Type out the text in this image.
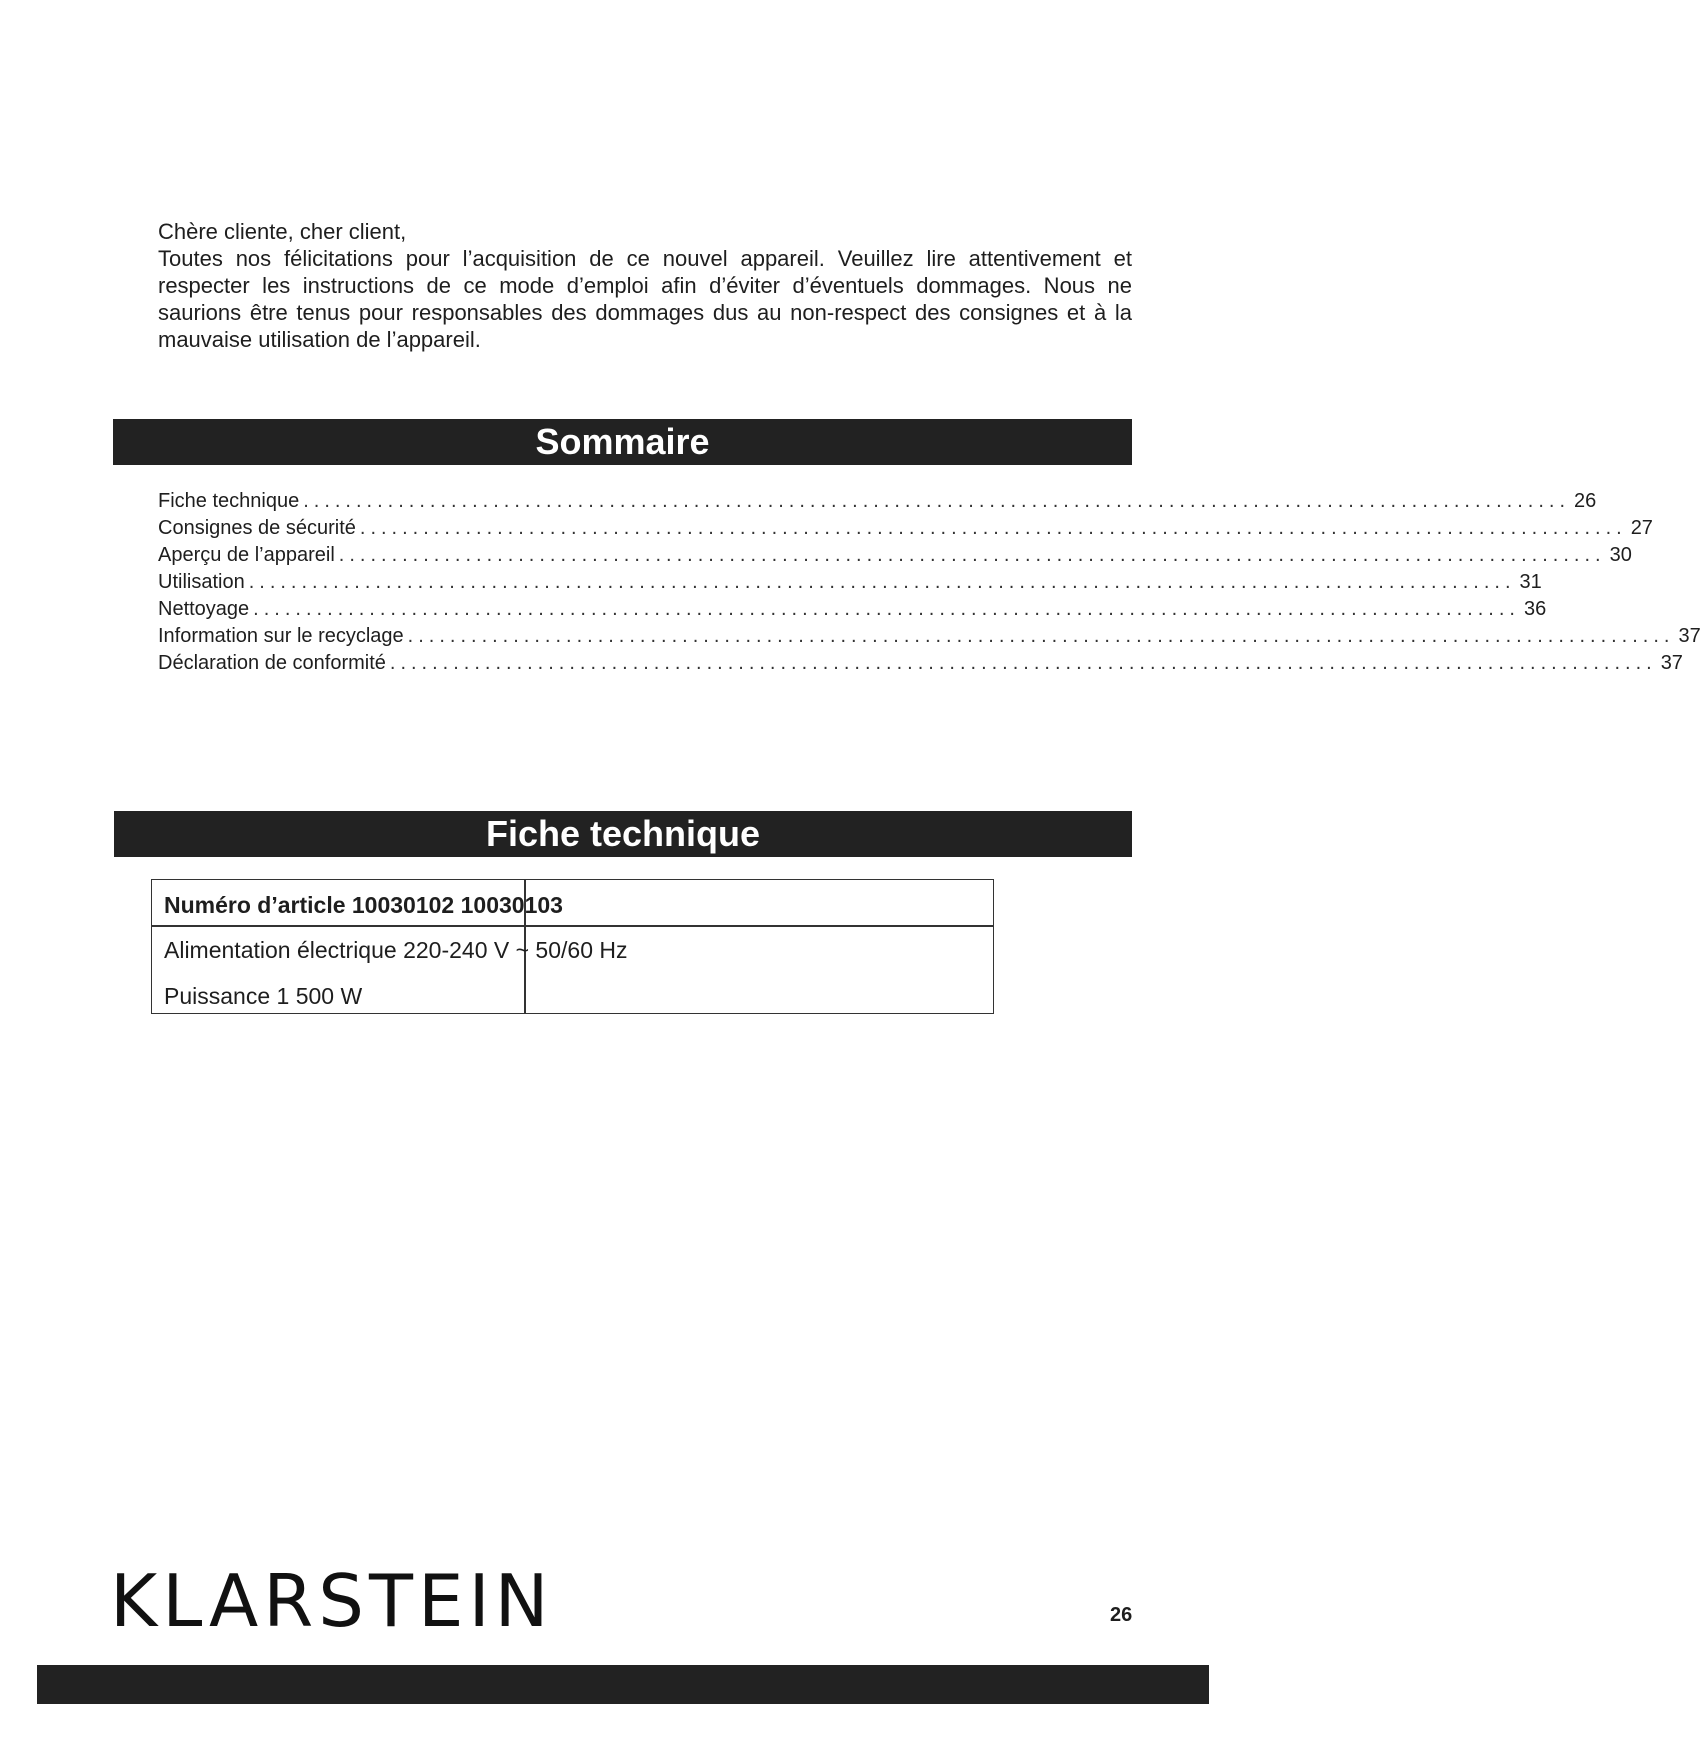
Chère cliente, cher client,

Toutes nos félicitations pour l’acquisition de ce nouvel appareil. Veuillez lire attentivement et respecter les instructions de ce mode d’emploi afin d’éviter d’éventuels dommages. Nous ne saurions être tenus pour responsables des dommages dus au non-respect des consignes et à la mauvaise utilisation de l’appareil.

Sommaire
Fiche technique ........................................................................................................................ 26
Consignes de sécurité ........................................................................................................................ 27
Aperçu de l’appareil ........................................................................................................................ 30
Utilisation ........................................................................................................................ 31
Nettoyage ........................................................................................................................ 36
Information sur le recyclage ........................................................................................................................ 37
Déclaration de conformité ........................................................................................................................ 37
Fiche technique
Numéro d’article 10030102 10030103
Alimentation électrique 220-240 V ~ 50/60 Hz
Puissance 1 500 W
KLARSTEIN	26
